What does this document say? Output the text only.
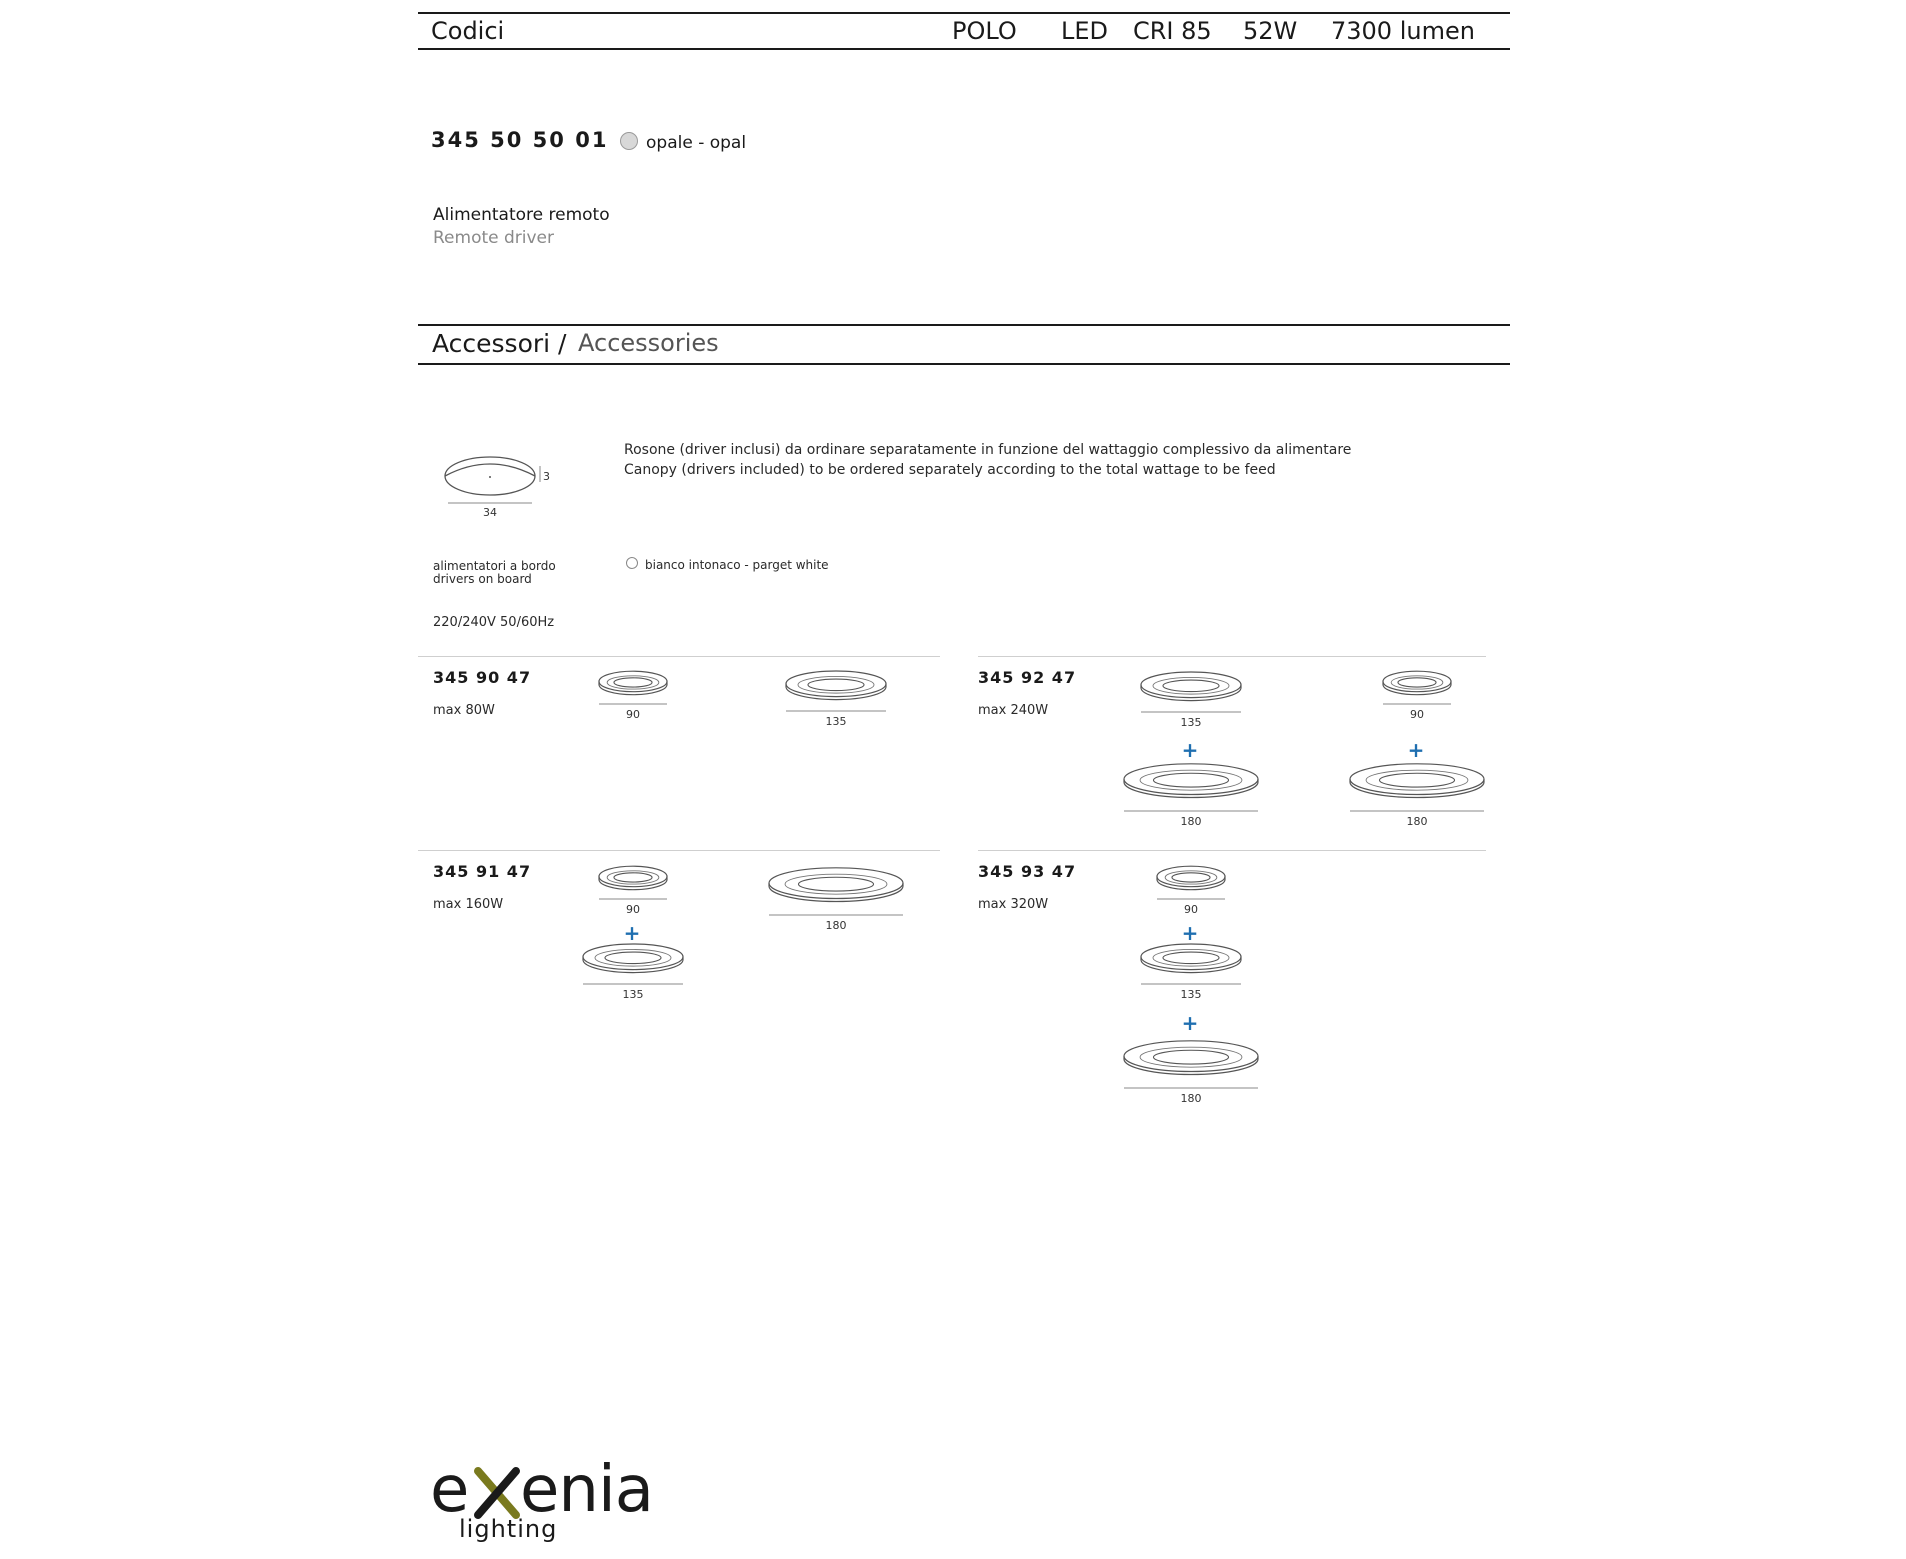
Codici	POLO LED CRI 85 52W 7300 lumen
345 50 50 01 opale - opal
Alimentatore remoto
Remote driver
Accessori / Accessories
3
34
Rosone (driver inclusi) da ordinare separatamente in funzione del wattaggio complessivo da alimentare
Canopy (drivers included) to be ordered separately according to the total wattage to be feed
alimentatori a bordo
drivers on board
bianco intonaco - parget white
220/240V 50/60Hz
345 90 47
max 80W
345 92 47
max 240W
345 91 47
max 160W
345 93 47
max 320W
90
135	135
90
180	180
90
135
180
90
135
180
+	+
+	+
+
e enia
lighting
